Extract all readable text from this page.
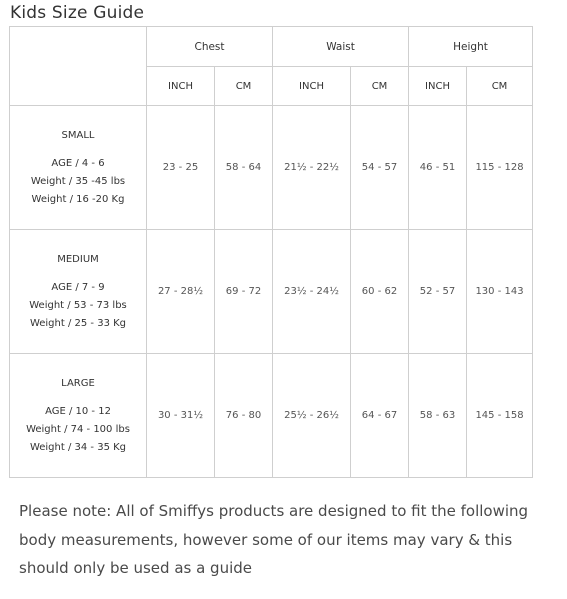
Kids Size Guide
	Chest		Waist		Height	
	INCH	CM	INCH	CM	INCH	CM

SMALL
AGE / 4 - 6
Weight / 35 -45 lbs
Weight / 16 -20 Kg	23 - 25	58 - 64	21½ - 22½	54 - 57	46 - 51	115 - 128

MEDIUM
AGE / 7 - 9
Weight / 53 - 73 lbs
Weight / 25 - 33 Kg	27 - 28½	69 - 72	23½ - 24½	60 - 62	52 - 57	130 - 143

LARGE
AGE / 10 - 12
Weight / 74 - 100 lbs
Weight / 34 - 35 Kg	30 - 31½	76 - 80	25½ - 26½	64 - 67	58 - 63	145 - 158
Please note: All of Smiffys products are designed to fit the following body measurements, however some of our items may vary & this should only be used as a guide
